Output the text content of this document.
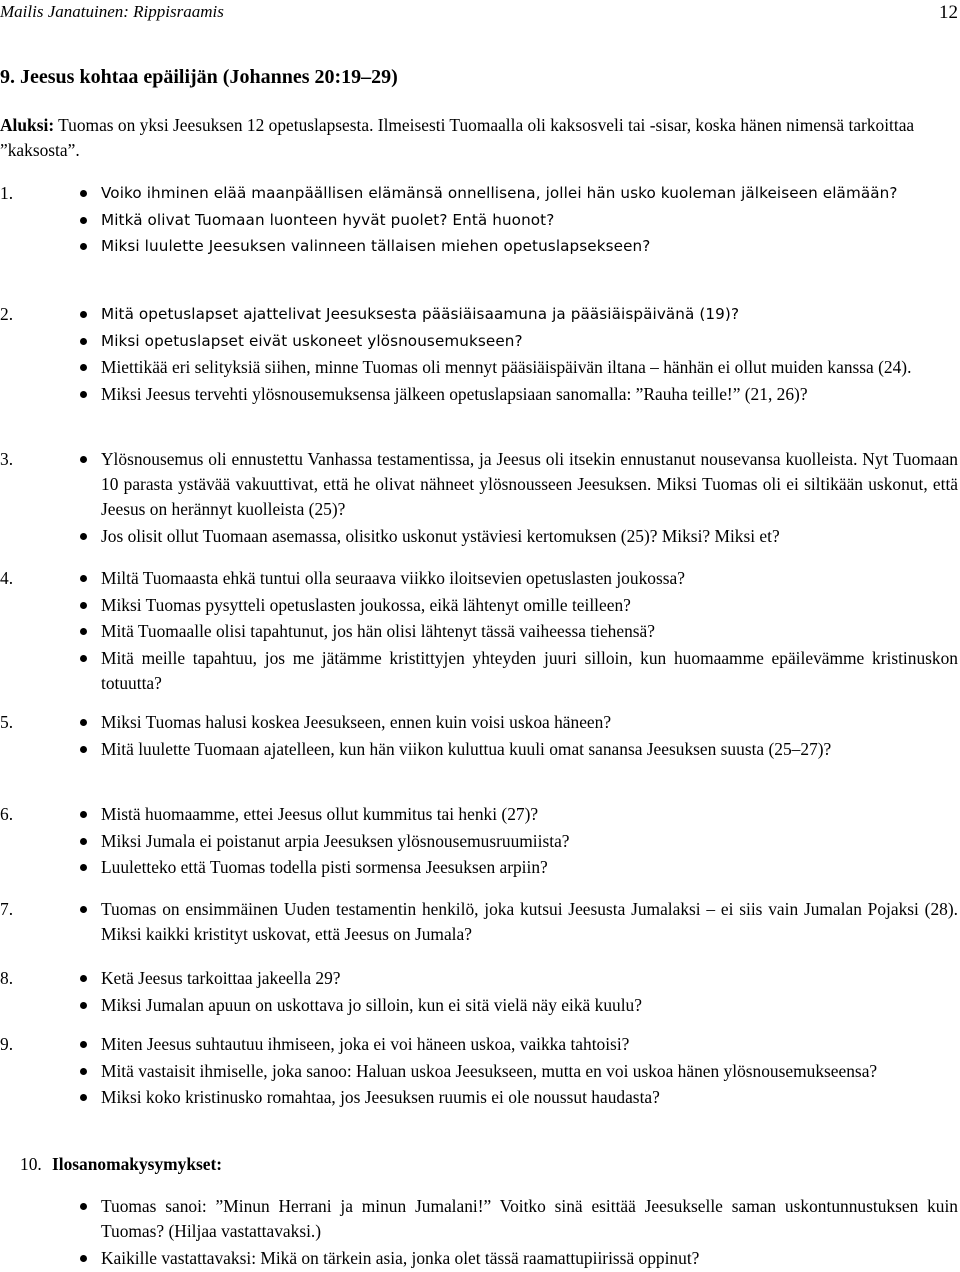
Mailis Janatuinen: Rippisraamis	12
9. Jeesus kohtaa epäilijän (Johannes 20:19–29)
Aluksi: Tuomas on yksi Jeesuksen 12 opetuslapsesta. Ilmeisesti Tuomaalla oli kaksosveli tai -sisar, koska hänen nimensä tarkoittaa ”kaksosta”.
1.	Voiko ihminen elää maanpäällisen elämänsä onnellisena, jollei hän usko kuoleman jälkeiseen elämään?
Mitkä olivat Tuomaan luonteen hyvät puolet? Entä huonot?
Miksi luulette Jeesuksen valinneen tällaisen miehen opetuslapsekseen?
2.	Mitä opetuslapset ajattelivat Jeesuksesta pääsiäisaamuna ja pääsiäispäivänä (19)?
Miksi opetuslapset eivät uskoneet ylösnousemukseen?
Miettikää eri selityksiä siihen, minne Tuomas oli mennyt pääsiäispäivän iltana – hänhän ei ollut muiden kanssa (24).
Miksi Jeesus tervehti ylösnousemuksensa jälkeen opetuslapsiaan sanomalla: ”Rauha teille!” (21, 26)?
3.	Ylösnousemus oli ennustettu Vanhassa testamentissa, ja Jeesus oli itsekin ennustanut nousevansa kuolleista. Nyt Tuomaan 10 parasta ystävää vakuuttivat, että he olivat nähneet ylösnousseen Jeesuksen. Miksi Tuomas oli ei siltikään uskonut, että Jeesus on herännyt kuolleista (25)?
Jos olisit ollut Tuomaan asemassa, olisitko uskonut ystäviesi kertomuksen (25)? Miksi? Miksi et?
4.	Miltä Tuomaasta ehkä tuntui olla seuraava viikko iloitsevien opetuslasten joukossa?
Miksi Tuomas pysytteli opetuslasten joukossa, eikä lähtenyt omille teilleen?
Mitä Tuomaalle olisi tapahtunut, jos hän olisi lähtenyt tässä vaiheessa tiehensä?
Mitä meille tapahtuu, jos me jätämme kristittyjen yhteyden juuri silloin, kun huomaamme epäilevämme kristinuskon totuutta?
5.	Miksi Tuomas halusi koskea Jeesukseen, ennen kuin voisi uskoa häneen?
Mitä luulette Tuomaan ajatelleen, kun hän viikon kuluttua kuuli omat sanansa Jeesuksen suusta (25–27)?
6.	Mistä huomaamme, ettei Jeesus ollut kummitus tai henki (27)?
Miksi Jumala ei poistanut arpia Jeesuksen ylösnousemusruumiista?
Luuletteko että Tuomas todella pisti sormensa Jeesuksen arpiin?
7.	Tuomas on ensimmäinen Uuden testamentin henkilö, joka kutsui Jeesusta Jumalaksi – ei siis vain Jumalan Pojaksi (28). Miksi kaikki kristityt uskovat, että Jeesus on Jumala?
8.	Ketä Jeesus tarkoittaa jakeella 29?
Miksi Jumalan apuun on uskottava jo silloin, kun ei sitä vielä näy eikä kuulu?
9.	Miten Jeesus suhtautuu ihmiseen, joka ei voi häneen uskoa, vaikka tahtoisi?
Mitä vastaisit ihmiselle, joka sanoo: Haluan uskoa Jeesukseen, mutta en voi uskoa hänen ylösnousemukseensa?
Miksi koko kristinusko romahtaa, jos Jeesuksen ruumis ei ole noussut haudasta?
10. Ilosanomakysymykset:
Tuomas sanoi: ”Minun Herrani ja minun Jumalani!” Voitko sinä esittää Jeesukselle saman uskontunnustuksen kuin Tuomas? (Hiljaa vastattavaksi.)
Kaikille vastattavaksi: Mikä on tärkein asia, jonka olet tässä raamattupiirissä oppinut?
